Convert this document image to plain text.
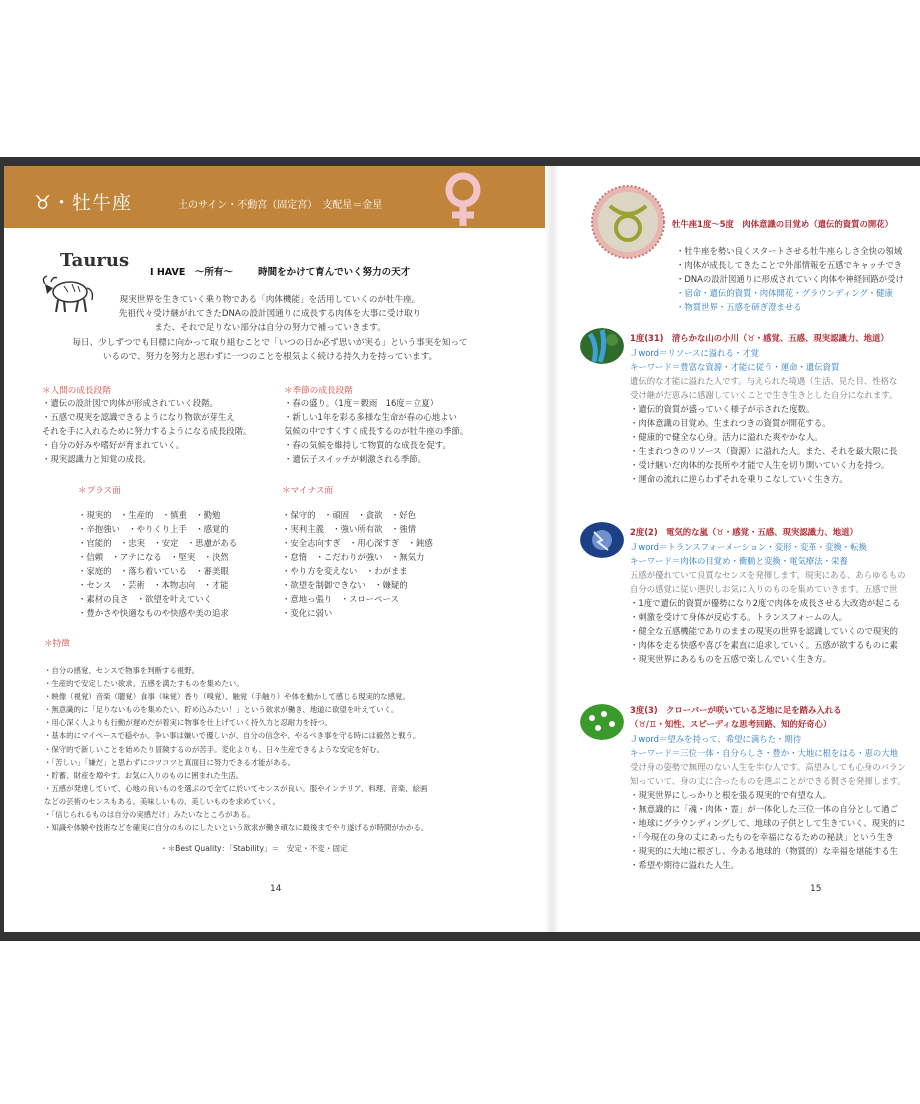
♉・牡牛座	土のサイン・不動宮（固定宮）　支配星＝金星
Taurus
I HAVE　〜所有〜	時間をかけて育んでいく努力の天才
現実世界を生きていく乗り物である「肉体機能」を活用していくのが牡牛座。
先祖代々受け継がれてきたDNAの設計図通りに成長する肉体を大事に受け取り
また、それで足りない部分は自分の努力で補っていきます。
毎日、少しずつでも目標に向かって取り組むことで「いつの日か必ず思いが実る」という事実を知って
いるので、努力を努力と思わずに一つのことを根気よく続ける持久力を持っています。
＊人間の成長段階
・遺伝の設計図で肉体が形成されていく段階。
・五感で現実を認識できるようになり物欲が芽生え
それを手に入れるために努力するようになる成長段階。
・自分の好みや嗜好が育まれていく。
・現実認識力と知覚の成長。
＊季節の成長段階
・春の盛り。（1度＝穀雨　16度＝立夏）
・新しい1年を彩る多様な生命が春の心地よい
気候の中ですくすく成長するのが牡牛座の季節。
・春の気候を維持して物質的な成長を促す。
・遺伝子スイッチが刺激される季節。
＊プラス面
・現実的　・生産的　・慎重　・勤勉
・辛抱強い　・やりくり上手　・感覚的
・官能的　・忠実　・安定　・思慮がある
・信頼　・アテになる　・堅実　・決然
・家庭的　・落ち着いている　・審美眼
・センス　・芸術　・本物志向　・才能
・素材の良さ　・欲望を叶えていく
・豊かさや快適なものや快感や美の追求
＊マイナス面
・保守的　・頑固　・貪欲　・好色
・実利主義　・強い所有欲　・強情
・安全志向すぎ　・用心深すぎ　・鈍感
・怠惰　・こだわりが強い　・無気力
・やり方を変えない　・わがまま
・欲望を制御できない　・嫌疑的
・意地っ張り　・スローペース
・変化に弱い
＊特徴
・自分の感覚、センスで物事を判断する視野。
・生産的で安定したい欲求。五感を満たすものを集めたい。
・映像（視覚）音楽（聴覚）食事（味覚）香り（嗅覚）、触覚（手触り）や体を動かして感じる現実的な感覚。
・無意識的に「足りないものを集めたい、貯め込みたい！」という欲求が働き、地道に欲望を叶えていく。
・用心深く人よりも行動が遅めだが着実に物事を仕上げていく持久力と忍耐力を持つ。
・基本的にマイペースで穏やか。争い事は嫌いで優しいが、自分の信念や、やるべき事を守る時には毅然と戦う。
・保守的で新しいことを始めたり冒険するのが苦手。変化よりも、日々生産できるような安定を好む。
・「苦しい」「嫌だ」と思わずにコツコツと真面目に努力できる才能がある。
・貯蓄、財産を増やす。お気に入りのものに囲まれた生活。
・五感が発達していて、心地の良いものを選ぶので全てに於いてセンスが良い。服やインテリア、料理、音楽、絵画
などの芸術のセンスもある。美味しいもの、美しいものを求めていく。
・「信じられるものは自分の実感だけ」みたいなところがある。
・知識や体験や技術などを確実に自分のものにしたいという欲求が働き頑なに最後までやり遂げるが時間がかかる。
・＊Best Quality：「Stability」＝　安定・不変・固定
14
牡牛座1度〜5度　肉体意識の目覚め（遺伝的資質の開花）
・牡牛座を勢い良くスタートさせる牡牛座らしさ全快の領域
・肉体が成長してきたことで外部情報を五感でキャッチでき
・DNAの設計図通りに形成されていく肉体や神経回路が受け
・宿命・遺伝的資質・肉体開花・グラウンディング・健康
・物質世界・五感を研ぎ澄ませる
1度(31)　清らかな山の小川（♉・感覚、五感、現実認識力、地道）
Ｊword＝リソースに溢れる・才覚
キーワード＝豊富な資源・才能に従う・運命・遺伝資質
遺伝的な才能に溢れた人です。与えられた境遇（生活、見た目、性格な
受け継がだ恵みに感謝していくことで生き生きとした自分になれます。
・遺伝的資質が盛っていく様子が示された度数。
・肉体意識の目覚め。生まれつきの資質が開花する。
・健康的で健全な心身。活力に溢れた爽やかな人。
・生まれつきのリソース（資源）に溢れた人。また、それを最大限に長
・受け継いだ肉体的な長所や才能で人生を切り開いていく力を持つ。
・運命の流れに逆らわずそれを乗りこなしていく生き方。
2度(2)　電気的な嵐（♉・感覚・五感、現実認識力、地道）
Ｊword＝トランスフォーメーション・変形・変革・変換・転換
キーワード＝肉体の目覚め・衝動と変換・電気療法・栄養
五感が優れていて良質なセンスを発揮します。現実にある、あらゆるもの
自分の感覚に従い選択しお気に入りのものを集めていきます。五感で世
・1度で遺伝的資質が優勢になり2度で肉体を成長させる大改造が起こる
・刺激を受けて身体が反応する。トランスフォームの人。
・健全な五感機能でありのままの現実の世界を認識していくので現実的
・肉体を走る快感や喜びを素直に追求していく。五感が欲するものに素
・現実世界にあるものを五感で楽しんでいく生き方。
3度(3)　クローバーが咲いている芝地に足を踏み入れる
（♉/♊・知性、スピーディな思考回路、知的好奇心）
Ｊword＝望みを持って、希望に満ちた・期待
キーワード＝三位一体・自分らしさ・豊か・大地に根をはる・恵の大地
受け身の姿勢で無理のない人生を歩む人です。高望みしても心身のバラン
知っていて、身の丈に合ったものを選ぶことができる賢さを発揮します。
・現実世界にしっかりと根を張る現実的で有望な人。
・無意識的に「魂・肉体・霊」が一体化した三位一体の自分として過ご
・地球にグラウンディングして、地球の子供として生きていく、現実的に
・「今現在の身の丈にあったものを幸福になるための秘訣」という生き
・現実的に大地に根ざし、今ある地球的（物質的）な幸福を堪能する生
・希望や期待に溢れた人生。
15
